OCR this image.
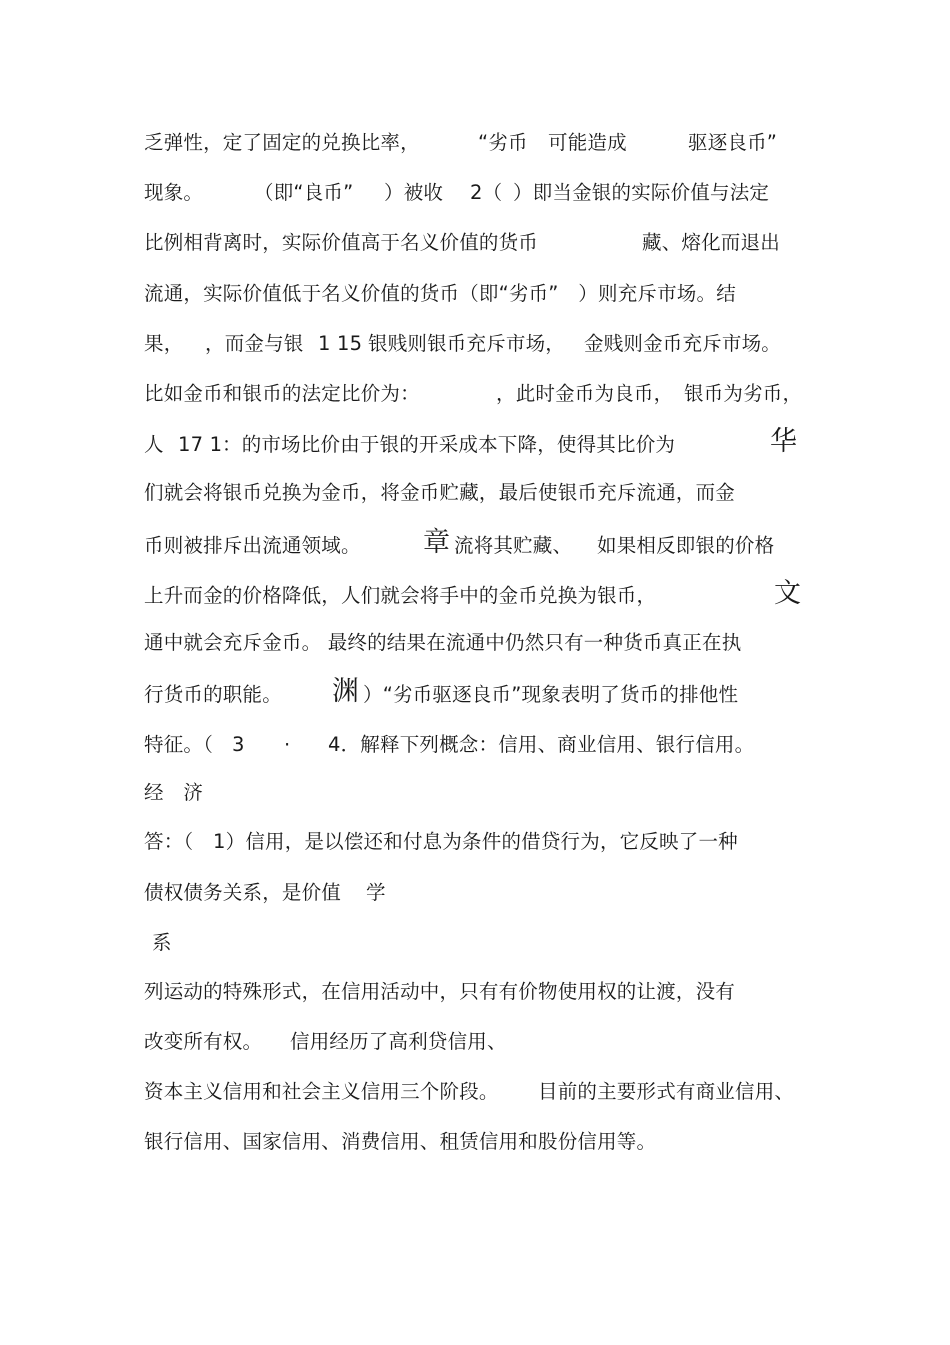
乏弹性，定了固定的兑换比率，	“劣币 可能造成	驱逐良币”
现象。	（即“良币” ）被收 2（ ）即当金银的实际价值与法定
比例相背离时，实际价值高于名义价值的货币	藏、熔化而退出
流通，实际价值低于名义价值的货币（即“劣币”　）则充斥市场。结
果， ，而金与银 1 15 银贱则银币充斥市场， 金贱则金币充斥市场。
比如金币和银币的法定比价为：	，此时金币为良币， 银币为劣币，
人 17 1 ：的市场比价由于银的开采成本下降，使得其比价为	华
们就会将银币兑换为金币，将金币贮藏，最后使银币充斥流通，而金
币则被排斥出流通领域。 章 流将其贮藏、 如果相反即银的价格
上升而金的价格降低，人们就会将手中的金币兑换为银币，	文
通中就会充斥金币。 最终的结果在流通中仍然只有一种货币真正在执
行货币的职能。 渊 ）“劣币驱逐良币”现象表明了货币的排他性
特征。（ 3 · 4．解释下列概念：信用、商业信用、银行信用。
经　济
答：（　1）信用，是以偿还和付息为条件的借贷行为，它反映了一种
债权债务关系，是价值 学
系
列运动的特殊形式，在信用活动中，只有有价物使用权的让渡，没有
改变所有权。 信用经历了高利贷信用、
资本主义信用和社会主义信用三个阶段。 目前的主要形式有商业信用、
银行信用、国家信用、消费信用、租赁信用和股份信用等。
